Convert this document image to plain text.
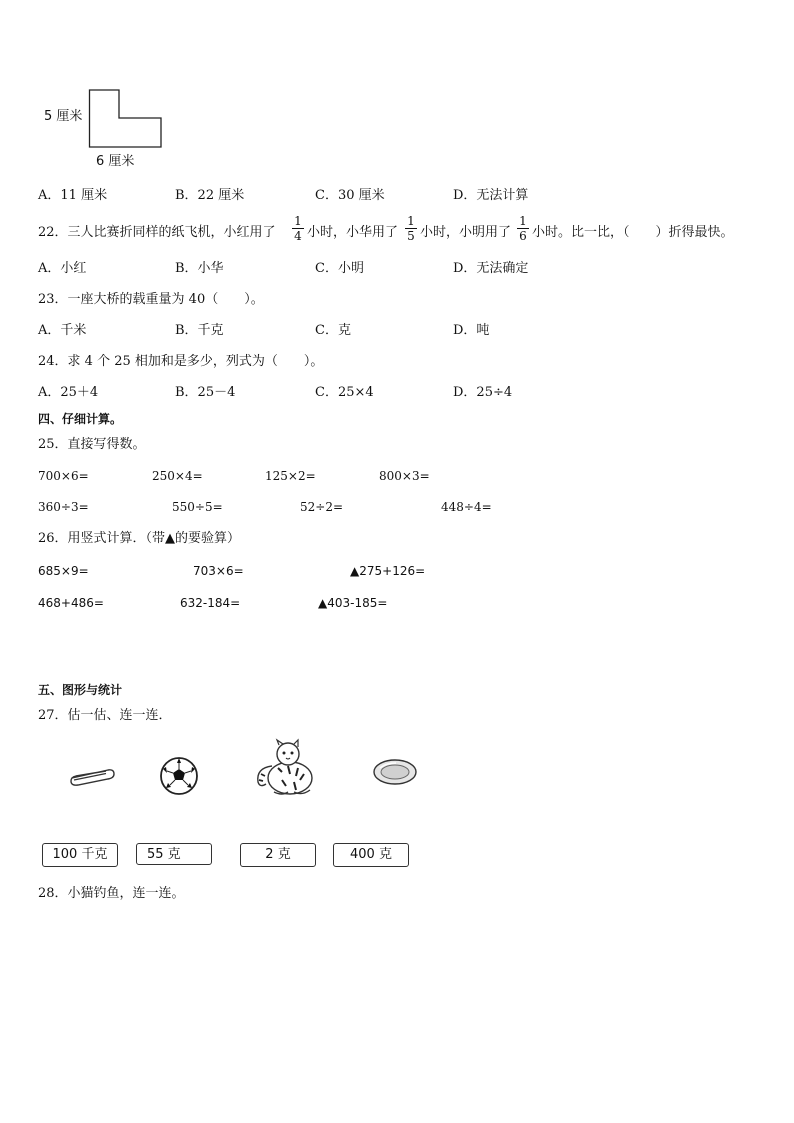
5 厘米
6 厘米
A．11 厘米	B．22 厘米	C．30 厘米	D．无法计算
22．三人比赛折同样的纸飞机，小红用了 $\frac{1}{4}$ 小时，小华用了 $\frac{1}{5}$ 小时，小明用了 $\frac{1}{6}$ 小时。比一比，（　　）折得最快。
A．小红	B．小华	C．小明	D．无法确定
23．一座大桥的载重量为 40（　　）。
A．千米	B．千克	C．克	D．吨
24．求 4 个 25 相加和是多少，列式为（　　）。
A．25＋4	B．25－4	C．25×4	D．25÷4
四、仔细计算。
25．直接写得数。
700×6=	250×4=	125×2=	800×3=
360÷3=	550÷5=	52÷2=	448÷4=
26．用竖式计算．（带▲的要验算）
685×9=	703×6=	▲275+126=
468+486=	632-184=	▲403-185=
五、图形与统计
27．估一估、连一连．
100 千克	55 克	2 克	400 克
28．小猫钓鱼，连一连。
